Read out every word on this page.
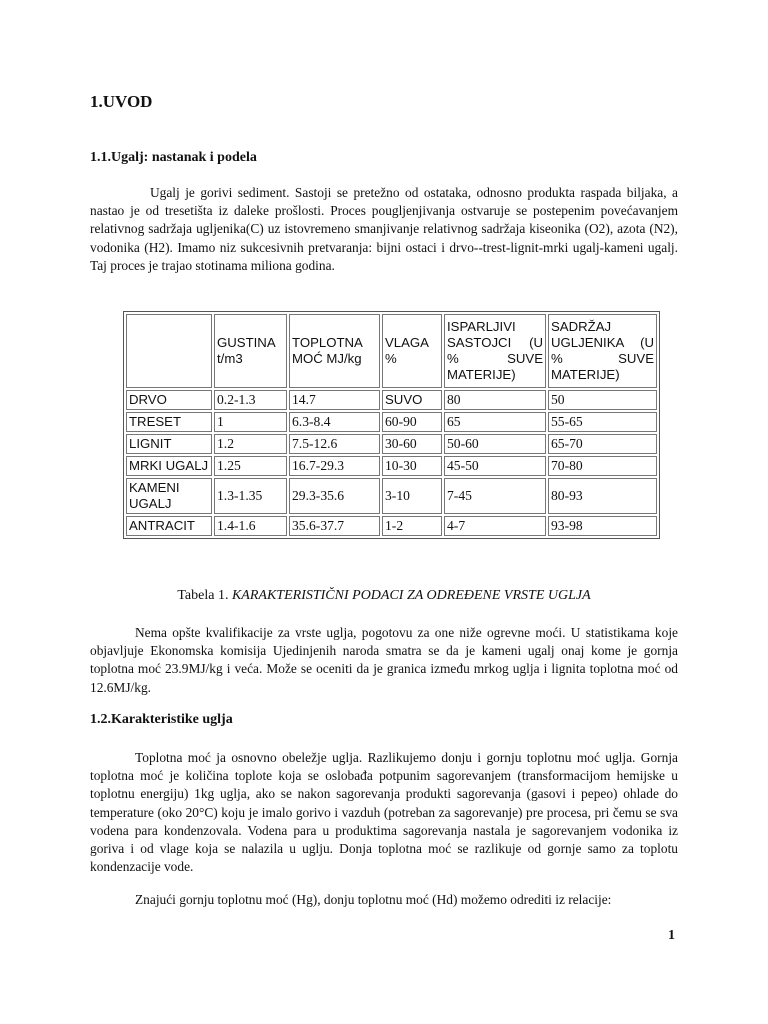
1.UVOD
1.1.Ugalj: nastanak i podela

Ugalj je gorivi sediment. Sastoji se pretežno od ostataka, odnosno produkta raspada biljaka, a nastao je od tresetišta iz daleke prošlosti. Proces pougljenjivanja ostvaruje se postepenim povećavanjem relativnog sadržaja ugljenika(C) uz istovremeno smanjivanje relativnog sadržaja kiseonika (O2), azota (N2), vodonika (H2). Imamo niz sukcesivnih pretvaranja: bijni ostaci i drvo--trest-lignit-mrki ugalj-kameni ugalj. Taj proces je trajao stotinama miliona godina.

	GUSTINA t/m3	TOPLOTNA MOĆ MJ/kg	VLAGA %	ISPARLJIVI SASTOJCI (U % SUVE MATERIJE)	SADRŽAJ UGLJENIKA (U % SUVE MATERIJE)
DRVO	0.2-1.3	14.7	SUVO	80	50
TRESET	1	6.3-8.4	60-90	65	55-65
LIGNIT	1.2	7.5-12.6	30-60	50-60	65-70
MRKI UGALJ	1.25	16.7-29.3	10-30	45-50	70-80
KAMENI UGALJ	1.3-1.35	29.3-35.6	3-10	7-45	80-93
ANTRACIT	1.4-1.6	35.6-37.7	1-2	4-7	93-98
Tabela 1. KARAKTERISTIČNI PODACI ZA ODREĐENE VRSTE UGLJA

Nema opšte kvalifikacije za vrste uglja, pogotovu za one niže ogrevne moći. U statistikama koje objavljuje Ekonomska komisija Ujedinjenih naroda smatra se da je kameni ugalj onaj kome je gornja toplotna moć 23.9MJ/kg i veća. Može se oceniti da je granica između mrkog uglja i lignita toplotna moć od 12.6MJ/kg.

1.2.Karakteristike uglja

Toplotna moć ja osnovno obeležje uglja. Razlikujemo donju i gornju toplotnu moć uglja. Gornja toplotna moć je količina toplote koja se oslobađa potpunim sagorevanjem (transformacijom hemijske u toplotnu energiju) 1kg uglja, ako se nakon sagorevanja produkti sagorevanja (gasovi i pepeo) ohlade do temperature (oko 20°C) koju je imalo gorivo i vazduh (potreban za sagorevanje) pre procesa, pri čemu se sva vodena para kondenzovala. Vodena para u produktima sagorevanja nastala je sagorevanjem vodonika iz goriva i od vlage koja se nalazila u uglju. Donja toplotna moć se razlikuje od gornje samo za toplotu kondenzacije vode.

Znajući gornju toplotnu moć (Hg), donju toplotnu moć (Hd) možemo odrediti iz relacije:

1
